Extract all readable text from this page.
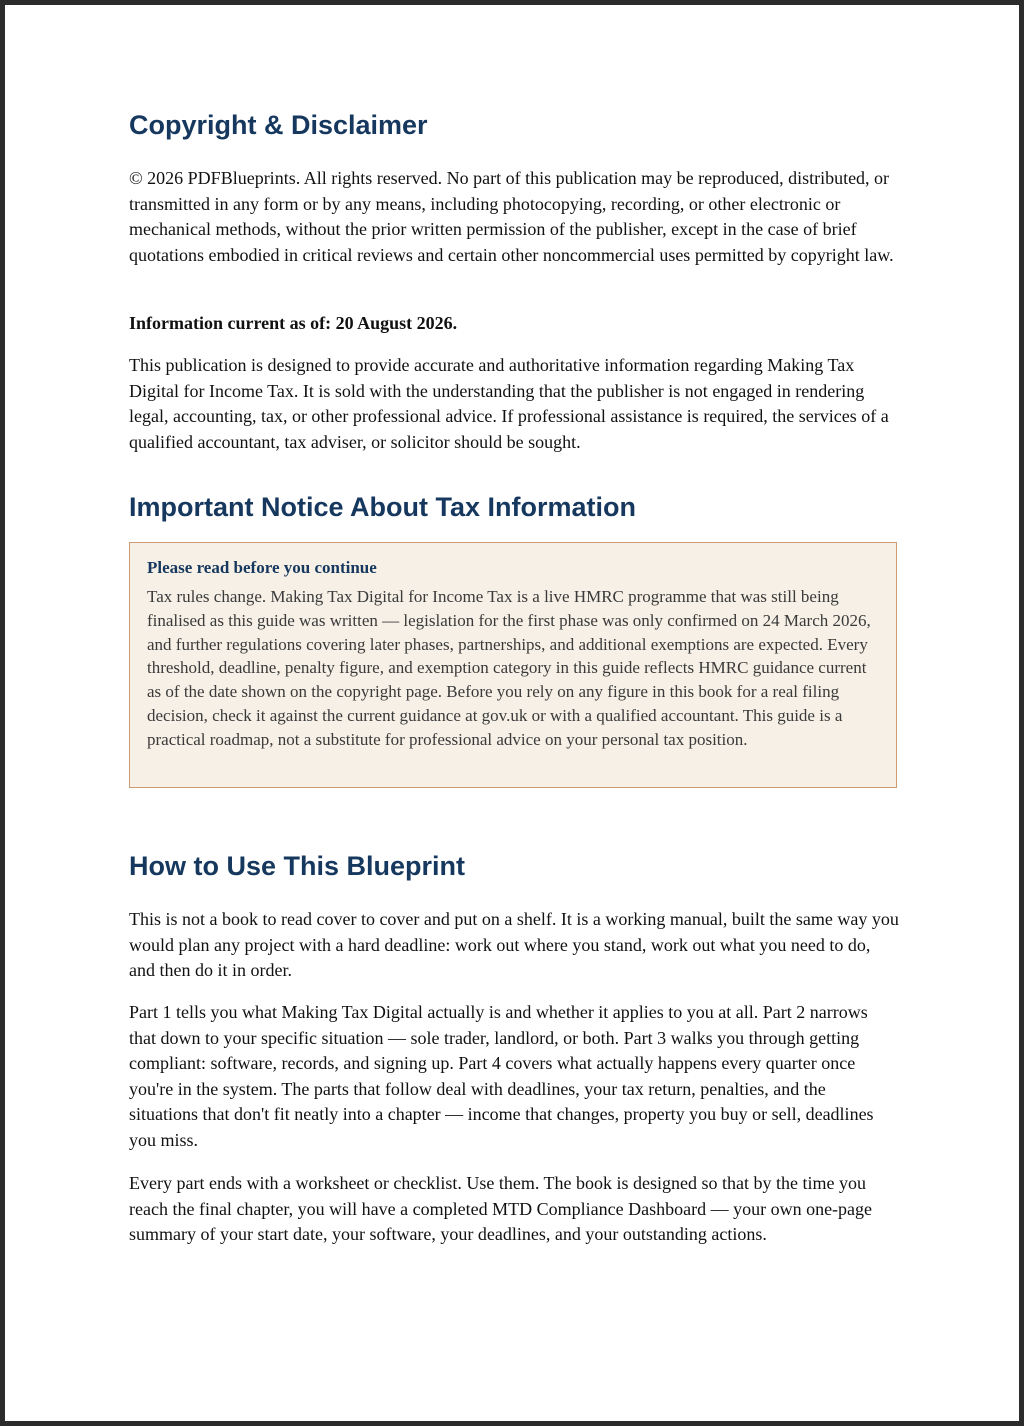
Copyright & Disclaimer

© 2026 PDFBlueprints. All rights reserved. No part of this publication may be reproduced, distributed, or transmitted in any form or by any means, including photocopying, recording, or other electronic or mechanical methods, without the prior written permission of the publisher, except in the case of brief quotations embodied in critical reviews and certain other noncommercial uses permitted by copyright law.

Information current as of: 20 August 2026.

This publication is designed to provide accurate and authoritative information regarding Making Tax Digital for Income Tax. It is sold with the understanding that the publisher is not engaged in rendering legal, accounting, tax, or other professional advice. If professional assistance is required, the services of a qualified accountant, tax adviser, or solicitor should be sought.

Important Notice About Tax Information
Please read before you continue
Tax rules change. Making Tax Digital for Income Tax is a live HMRC programme that was still being finalised as this guide was written — legislation for the first phase was only confirmed on 24 March 2026, and further regulations covering later phases, partnerships, and additional exemptions are expected. Every threshold, deadline, penalty figure, and exemption category in this guide reflects HMRC guidance current as of the date shown on the copyright page. Before you rely on any figure in this book for a real filing decision, check it against the current guidance at gov.uk or with a qualified accountant. This guide is a practical roadmap, not a substitute for professional advice on your personal tax position.
How to Use This Blueprint

This is not a book to read cover to cover and put on a shelf. It is a working manual, built the same way you would plan any project with a hard deadline: work out where you stand, work out what you need to do, and then do it in order.

Part 1 tells you what Making Tax Digital actually is and whether it applies to you at all. Part 2 narrows that down to your specific situation — sole trader, landlord, or both. Part 3 walks you through getting compliant: software, records, and signing up. Part 4 covers what actually happens every quarter once you're in the system. The parts that follow deal with deadlines, your tax return, penalties, and the situations that don't fit neatly into a chapter — income that changes, property you buy or sell, deadlines you miss.

Every part ends with a worksheet or checklist. Use them. The book is designed so that by the time you reach the final chapter, you will have a completed MTD Compliance Dashboard — your own one-page summary of your start date, your software, your deadlines, and your outstanding actions.
